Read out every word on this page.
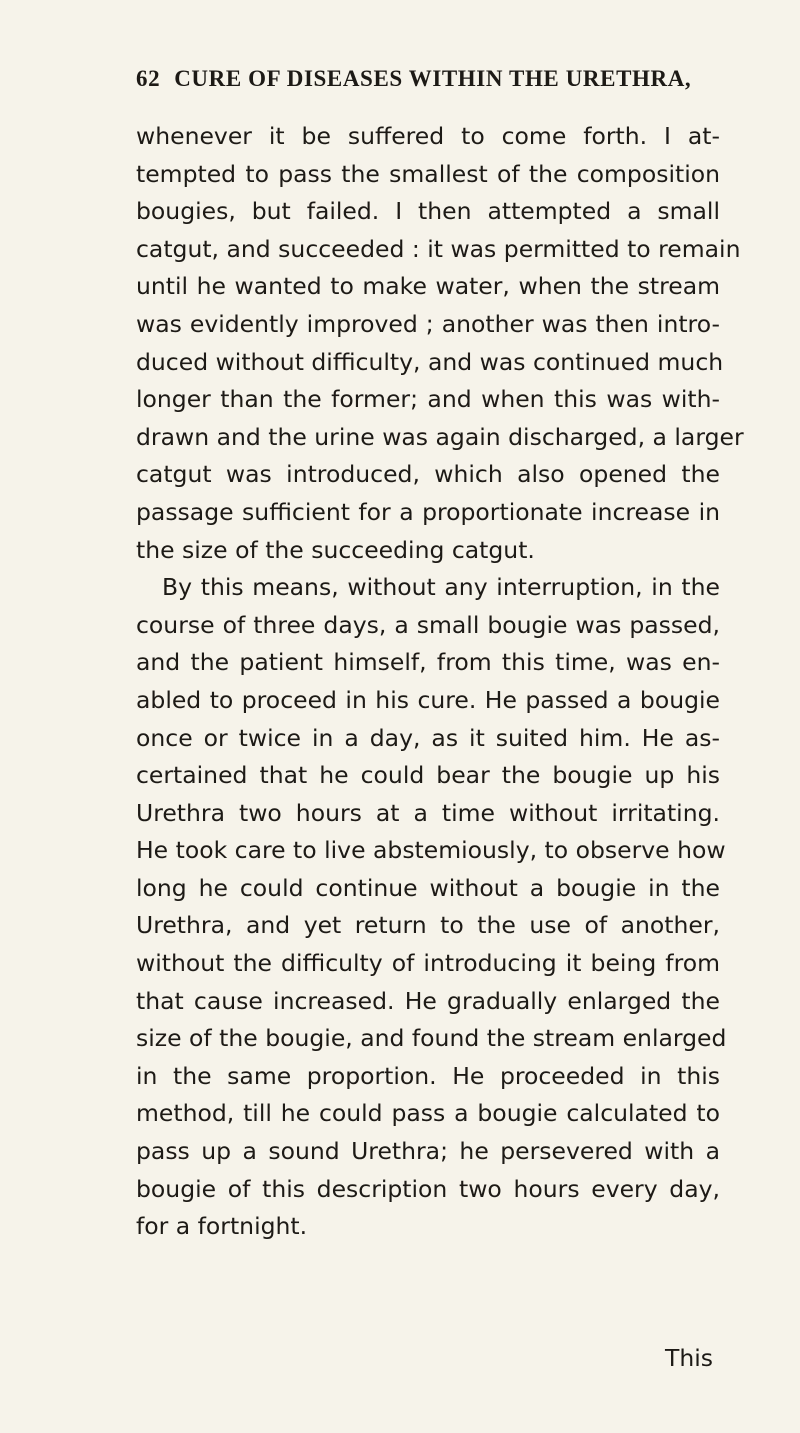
62 CURE OF DISEASES WITHIN THE URETHRA,
whenever it be suffered to come forth. I at-
tempted to pass the smallest of the composition
bougies, but failed. I then attempted a small
catgut, and succeeded : it was permitted to remain
until he wanted to make water, when the stream
was evidently improved ; another was then intro-
duced without difficulty, and was continued much
longer than the former; and when this was with-
drawn and the urine was again discharged, a larger
catgut was introduced, which also opened the
passage sufficient for a proportionate increase in
the size of the succeeding catgut.
By this means, without any interruption, in the
course of three days, a small bougie was passed,
and the patient himself, from this time, was en-
abled to proceed in his cure. He passed a bougie
once or twice in a day, as it suited him. He as-
certained that he could bear the bougie up his
Urethra two hours at a time without irritating.
He took care to live abstemiously, to observe how
long he could continue without a bougie in the
Urethra, and yet return to the use of another,
without the difficulty of introducing it being from
that cause increased. He gradually enlarged the
size of the bougie, and found the stream enlarged
in the same proportion. He proceeded in this
method, till he could pass a bougie calculated to
pass up a sound Urethra; he persevered with a
bougie of this description two hours every day,
for a fortnight.
This
